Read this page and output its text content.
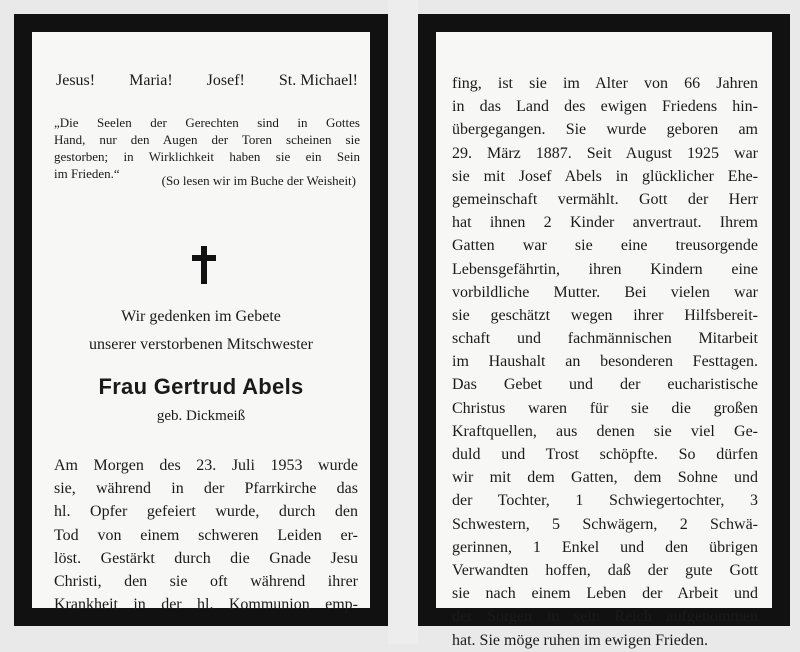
Jesus! Maria! Josef! St. Michael!
„Die Seelen der Gerechten sind in Gottes
Hand, nur den Augen der Toren scheinen sie
gestorben; in Wirklichkeit haben sie ein Sein
im Frieden.“	(So lesen wir im Buche der Weisheit)
Wir gedenken im Gebete
unserer verstorbenen Mitschwester
Frau Gertrud Abels
geb. Dickmeiß
Am Morgen des 23. Juli 1953 wurde
sie, während in der Pfarrkirche das
hl. Opfer gefeiert wurde, durch den
Tod von einem schweren Leiden er-
löst. Gestärkt durch die Gnade Jesu
Christi, den sie oft während ihrer
Krankheit in der hl. Kommunion emp-
fing, ist sie im Alter von 66 Jahren
in das Land des ewigen Friedens hin-
übergegangen. Sie wurde geboren am
29. März 1887. Seit August 1925 war
sie mit Josef Abels in glücklicher Ehe-
gemeinschaft vermählt. Gott der Herr
hat ihnen 2 Kinder anvertraut. Ihrem
Gatten war sie eine treusorgende
Lebensgefährtin, ihren Kindern eine
vorbildliche Mutter. Bei vielen war
sie geschätzt wegen ihrer Hilfsbereit-
schaft und fachmännischen Mitarbeit
im Haushalt an besonderen Festtagen.
Das Gebet und der eucharistische
Christus waren für sie die großen
Kraftquellen, aus denen sie viel Ge-
duld und Trost schöpfte. So dürfen
wir mit dem Gatten, dem Sohne und
der Tochter, 1 Schwiegertochter, 3
Schwestern, 5 Schwägern, 2 Schwä-
gerinnen, 1 Enkel und den übrigen
Verwandten hoffen, daß der gute Gott
sie nach einem Leben der Arbeit und
der Sorgen in sein Reich aufgenommen
hat. Sie möge ruhen im ewigen Frieden.
